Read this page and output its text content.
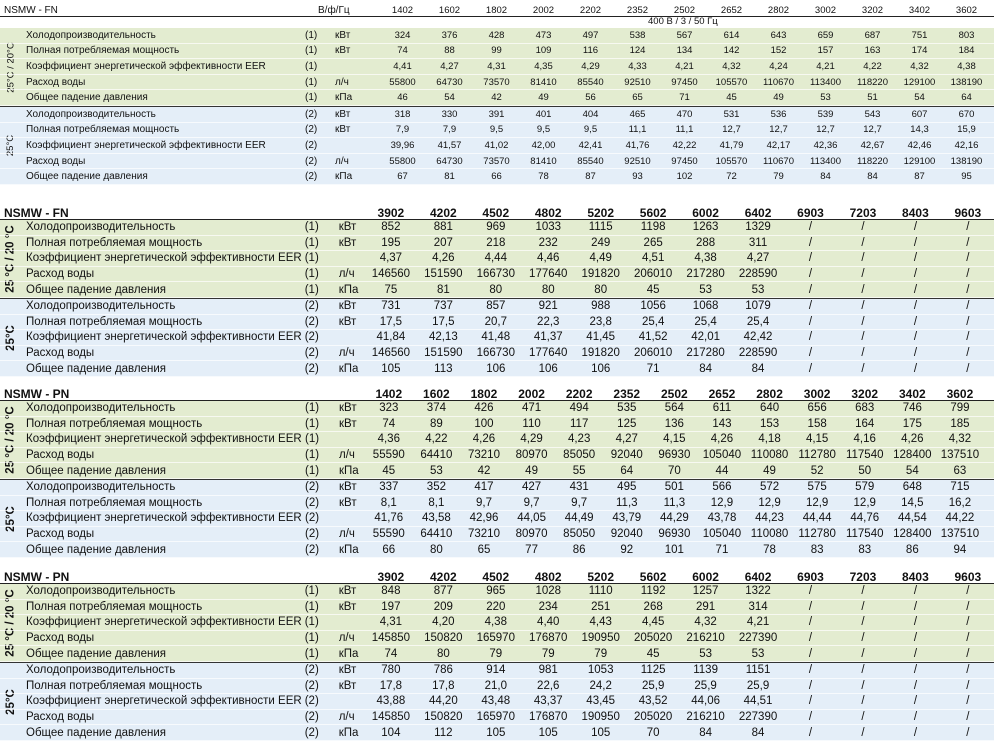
NSMW - FN	В/ф/Гц	1402	1602	1802	2002	2202	2352	2502	2652	2802	3002	3202	3402	3602
400 В / 3 / 50 Гц
25°C / 20°C
Холодопроизводительность	(1)	кВт	324	376	428	473	497	538	567	614	643	659	687	751	803
Полная потребляемая мощность	(1)	кВт	74	88	99	109	116	124	134	142	152	157	163	174	184
Коэффициент энергетической эффективности EER	(1)	4,41	4,27	4,31	4,35	4,29	4,33	4,21	4,32	4,24	4,21	4,22	4,32	4,38
Расход воды	(1)	л/ч	55800	64730	73570	81410	85540	92510	97450	105570	110670	113400	118220	129100	138190
Общее падение давления	(1)	кПа	46	54	42	49	56	65	71	45	49	53	51	54	64
25°C
Холодопроизводительность	(2)	кВт	318	330	391	401	404	465	470	531	536	539	543	607	670
Полная потребляемая мощность	(2)	кВт	7,9	7,9	9,5	9,5	9,5	11,1	11,1	12,7	12,7	12,7	12,7	14,3	15,9
Коэффициент энергетической эффективности EER	(2)	39,96	41,57	41,02	42,00	42,41	41,76	42,22	41,79	42,17	42,36	42,67	42,46	42,16
Расход воды	(2)	л/ч	55800	64730	73570	81410	85540	92510	97450	105570	110670	113400	118220	129100	138190
Общее падение давления	(2)	кПа	67	81	66	78	87	93	102	72	79	84	84	87	95
NSMW - FN	3902	4202	4502	4802	5202	5602	6002	6402	6903	7203	8403	9603
25 °C / 20 °C Холодопроизводительность	(1)	кВт	852	881	969	1033	1115	1198	1263	1329	/	/	/	/
Полная потребляемая мощность	(1)	кВт	195	207	218	232	249	265	288	311	/	/	/	/
Коэффициент энергетической эффективности EER (1)	4,37	4,26	4,44	4,46	4,49	4,51	4,38	4,27	/	/	/	/
Расход воды	(1)	л/ч	146560	151590	166730	177640	191820	206010	217280	228590	/	/	/	/
Общее падение давления	(1)	кПа	75	81	80	80	80	45	53	53	/	/	/	/
25°C
Холодопроизводительность	(2)	кВт	731	737	857	921	988	1056	1068	1079	/	/	/	/
Полная потребляемая мощность	(2)	кВт	17,5	17,5	20,7	22,3	23,8	25,4	25,4	25,4	/	/	/	/
Коэффициент энергетической эффективности EER (2)	41,84	42,13	41,48	41,37	41,45	41,52	42,01	42,42	/	/	/	/
Расход воды	(2)	л/ч	146560	151590	166730	177640	191820	206010	217280	228590	/	/	/	/
Общее падение давления	(2)	кПа	105	113	106	106	106	71	84	84	/	/	/	/
NSMW - PN	1402	1602	1802	2002	2202	2352	2502	2652	2802	3002	3202	3402	3602
25 °C / 20 °C Холодопроизводительность	(1)	кВт	323	374	426	471	494	535	564	611	640	656	683	746	799
Полная потребляемая мощность	(1)	кВт	74	89	100	110	117	125	136	143	153	158	164	175	185
Коэффициент энергетической эффективности EER (1)	4,36	4,22	4,26	4,29	4,23	4,27	4,15	4,26	4,18	4,15	4,16	4,26	4,32
Расход воды	(1)	л/ч	55590	64410	73210	80970	85050	92040	96930	105040 110080 112780 117540 128400 137510
Общее падение давления	(1)	кПа	45	53	42	49	55	64	70	44	49	52	50	54	63
25°C
Холодопроизводительность	(2)	кВт	337	352	417	427	431	495	501	566	572	575	579	648	715
Полная потребляемая мощность	(2)	кВт	8,1	8,1	9,7	9,7	9,7	11,3	11,3	12,9	12,9	12,9	12,9	14,5	16,2
Коэффициент энергетической эффективности EER (2)	41,76	43,58	42,96	44,05	44,49	43,79	44,29	43,78	44,23	44,44	44,76	44,54	44,22
Расход воды	(2)	л/ч	55590	64410	73210	80970	85050	92040	96930	105040 110080 112780 117540 128400 137510
Общее падение давления	(2)	кПа	66	80	65	77	86	92	101	71	78	83	83	86	94
NSMW - PN	3902	4202	4502	4802	5202	5602	6002	6402	6903	7203	8403	9603
25 °C / 20 °C Холодопроизводительность	(1)	кВт	848	877	965	1028	1110	1192	1257	1322	/	/	/	/
Полная потребляемая мощность	(1)	кВт	197	209	220	234	251	268	291	314	/	/	/	/
Коэффициент энергетической эффективности EER (1)	4,31	4,20	4,38	4,40	4,43	4,45	4,32	4,21	/	/	/	/
Расход воды	(1)	л/ч	145850	150820	165970	176870	190950	205020	216210	227390	/	/	/	/
Общее падение давления	(1)	кПа	74	80	79	79	79	45	53	53	/	/	/	/
25°C
Холодопроизводительность	(2)	кВт	780	786	914	981	1053	1125	1139	1151	/	/	/	/
Полная потребляемая мощность	(2)	кВт	17,8	17,8	21,0	22,6	24,2	25,9	25,9	25,9	/	/	/	/
Коэффициент энергетической эффективности EER (2)	43,88	44,20	43,48	43,37	43,45	43,52	44,06	44,51	/	/	/	/
Расход воды	(2)	л/ч	145850	150820	165970	176870	190950	205020	216210	227390	/	/	/	/
Общее падение давления	(2)	кПа	104	112	105	105	105	70	84	84	/	/	/	/
